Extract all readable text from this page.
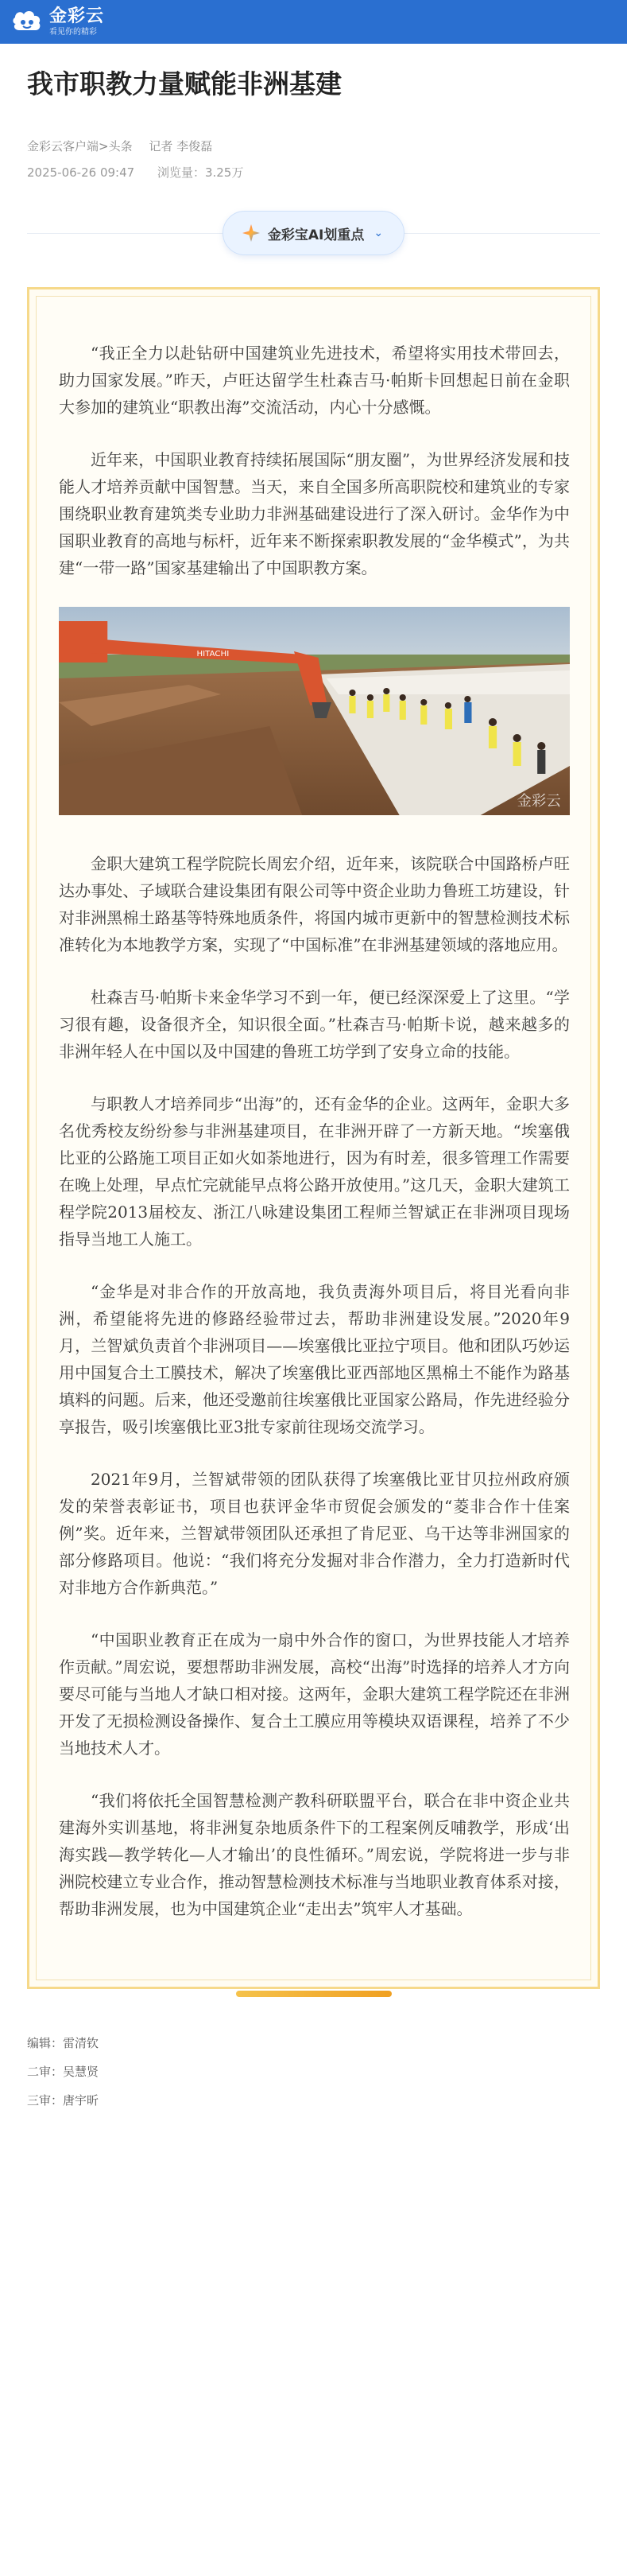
金彩云
看见你的精彩
我市职教力量赋能非洲基建
金彩云客户端>头条 记者 李俊磊
2025-06-26 09:47 浏览量：3.25万
金彩宝AI划重点 ⌄

“我正全力以赴钻研中国建筑业先进技术，希望将实用技术带回去，助力国家发展。”昨天，卢旺达留学生杜森吉马·帕斯卡回想起日前在金职大参加的建筑业“职教出海”交流活动，内心十分感慨。

近年来，中国职业教育持续拓展国际“朋友圈”，为世界经济发展和技能人才培养贡献中国智慧。当天，来自全国多所高职院校和建筑业的专家围绕职业教育建筑类专业助力非洲基础建设进行了深入研讨。金华作为中国职业教育的高地与标杆，近年来不断探索职教发展的“金华模式”，为共建“一带一路”国家基建输出了中国职教方案。

HITACHI
金彩云

金职大建筑工程学院院长周宏介绍，近年来，该院联合中国路桥卢旺达办事处、子域联合建设集团有限公司等中资企业助力鲁班工坊建设，针对非洲黑棉土路基等特殊地质条件，将国内城市更新中的智慧检测技术标准转化为本地教学方案，实现了“中国标准”在非洲基建领域的落地应用。

杜森吉马·帕斯卡来金华学习不到一年，便已经深深爱上了这里。“学习很有趣，设备很齐全，知识很全面。”杜森吉马·帕斯卡说，越来越多的非洲年轻人在中国以及中国建的鲁班工坊学到了安身立命的技能。

与职教人才培养同步“出海”的，还有金华的企业。这两年，金职大多名优秀校友纷纷参与非洲基建项目，在非洲开辟了一方新天地。“埃塞俄比亚的公路施工项目正如火如荼地进行，因为有时差，很多管理工作需要在晚上处理，早点忙完就能早点将公路开放使用。”这几天，金职大建筑工程学院2013届校友、浙江八咏建设集团工程师兰智斌正在非洲项目现场指导当地工人施工。

“金华是对非合作的开放高地，我负责海外项目后，将目光看向非洲，希望能将先进的修路经验带过去，帮助非洲建设发展。”2020年9月，兰智斌负责首个非洲项目——埃塞俄比亚拉宁项目。他和团队巧妙运用中国复合土工膜技术，解决了埃塞俄比亚西部地区黑棉土不能作为路基填料的问题。后来，他还受邀前往埃塞俄比亚国家公路局，作先进经验分享报告，吸引埃塞俄比亚3批专家前往现场交流学习。

2021年9月，兰智斌带领的团队获得了埃塞俄比亚甘贝拉州政府颁发的荣誉表彰证书，项目也获评金华市贸促会颁发的“菱非合作十佳案例”奖。近年来，兰智斌带领团队还承担了肯尼亚、乌干达等非洲国家的部分修路项目。他说：“我们将充分发掘对非合作潜力，全力打造新时代对非地方合作新典范。”

“中国职业教育正在成为一扇中外合作的窗口，为世界技能人才培养作贡献。”周宏说，要想帮助非洲发展，高校“出海”时选择的培养人才方向要尽可能与当地人才缺口相对接。这两年，金职大建筑工程学院还在非洲开发了无损检测设备操作、复合土工膜应用等模块双语课程，培养了不少当地技术人才。

“我们将依托全国智慧检测产教科研联盟平台，联合在非中资企业共建海外实训基地，将非洲复杂地质条件下的工程案例反哺教学，形成‘出海实践—教学转化—人才输出’的良性循环。”周宏说，学院将进一步与非洲院校建立专业合作，推动智慧检测技术标准与当地职业教育体系对接，帮助非洲发展，也为中国建筑企业“走出去”筑牢人才基础。

编辑：雷清钦
二审：吴慧贤
三审：唐宇昕
